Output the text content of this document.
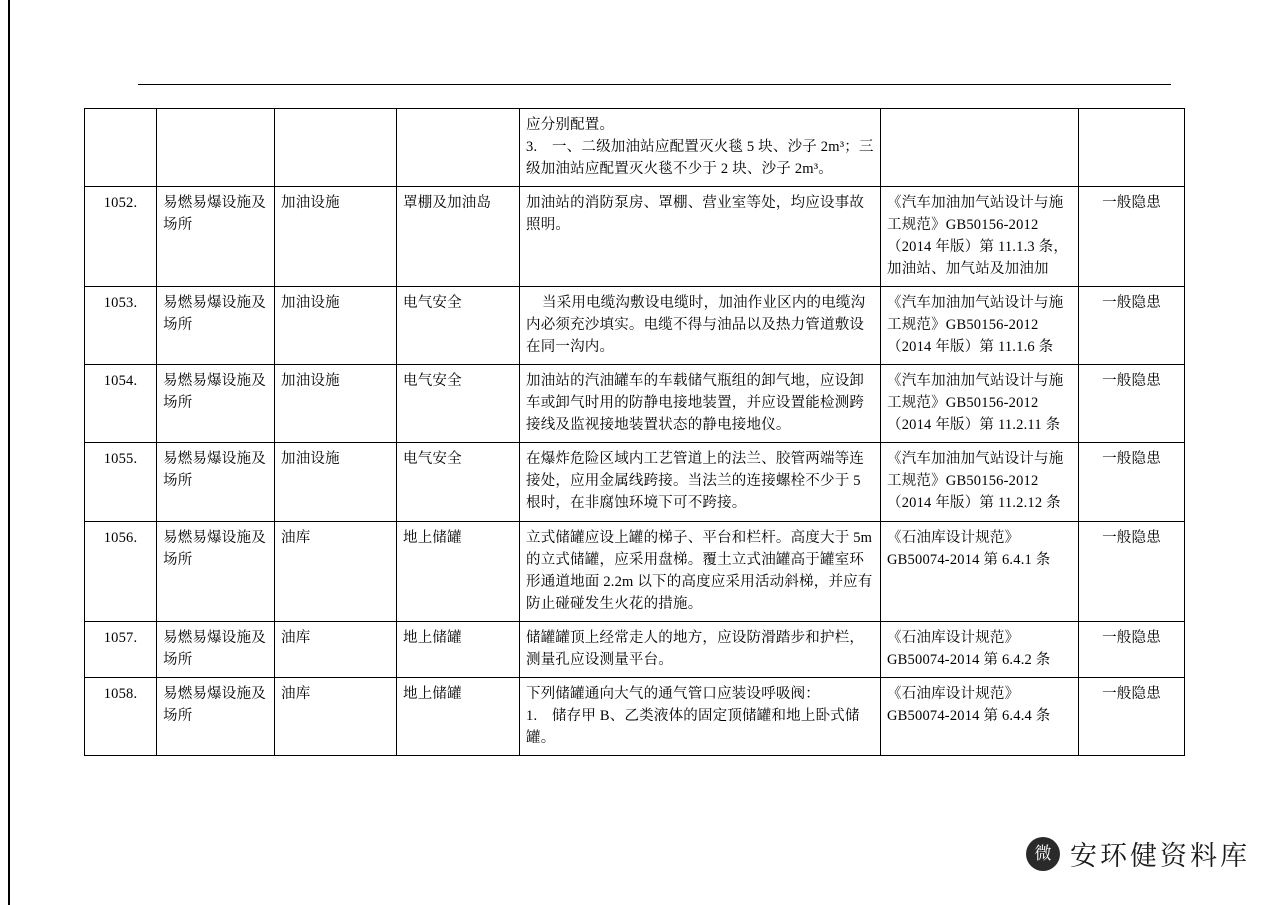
				应分别配置。

3.　一、二级加油站应配置灭火毯 5 块、沙子 2m³；三级加油站应配置灭火毯不少于 2 块、沙子 2m³。		

1052.	易燃易爆设施及场所	加油设施	罩棚及加油岛	加油站的消防泵房、罩棚、营业室等处，均应设事故照明。	《汽车加油加气站设计与施工规范》GB50156-2012（2014 年版）第 11.1.3 条，加油站、加气站及加油加	一般隐患
1053.	易燃易爆设施及场所	加油设施	电气安全	当采用电缆沟敷设电缆时，加油作业区内的电缆沟内必须充沙填实。电缆不得与油品以及热力管道敷设在同一沟内。	《汽车加油加气站设计与施工规范》GB50156-2012（2014 年版）第 11.1.6 条	一般隐患
1054.	易燃易爆设施及场所	加油设施	电气安全	加油站的汽油罐车的车载储气瓶组的卸气地，应设卸车或卸气时用的防静电接地装置，并应设置能检测跨接线及监视接地装置状态的静电接地仪。	《汽车加油加气站设计与施工规范》GB50156-2012（2014 年版）第 11.2.11 条	一般隐患
1055.	易燃易爆设施及场所	加油设施	电气安全	在爆炸危险区域内工艺管道上的法兰、胶管两端等连接处，应用金属线跨接。当法兰的连接螺栓不少于 5 根时，在非腐蚀环境下可不跨接。	《汽车加油加气站设计与施工规范》GB50156-2012（2014 年版）第 11.2.12 条	一般隐患
1056.	易燃易爆设施及场所	油库	地上储罐	立式储罐应设上罐的梯子、平台和栏杆。高度大于 5m 的立式储罐，应采用盘梯。覆土立式油罐高于罐室环形通道地面 2.2m 以下的高度应采用活动斜梯，并应有防止碰碰发生火花的措施。	《石油库设计规范》GB50074-2014 第 6.4.1 条	一般隐患
1057.	易燃易爆设施及场所	油库	地上储罐	储罐罐顶上经常走人的地方，应设防滑踏步和护栏，测量孔应设测量平台。	《石油库设计规范》GB50074-2014 第 6.4.2 条	一般隐患
1058.	易燃易爆设施及场所	油库	地上储罐	下列储罐通向大气的通气管口应装设呼吸阀：

1.　储存甲 B、乙类液体的固定顶储罐和地上卧式储罐。	《石油库设计规范》GB50074-2014 第 6.4.4 条	一般隐患
微 安环健资料库
